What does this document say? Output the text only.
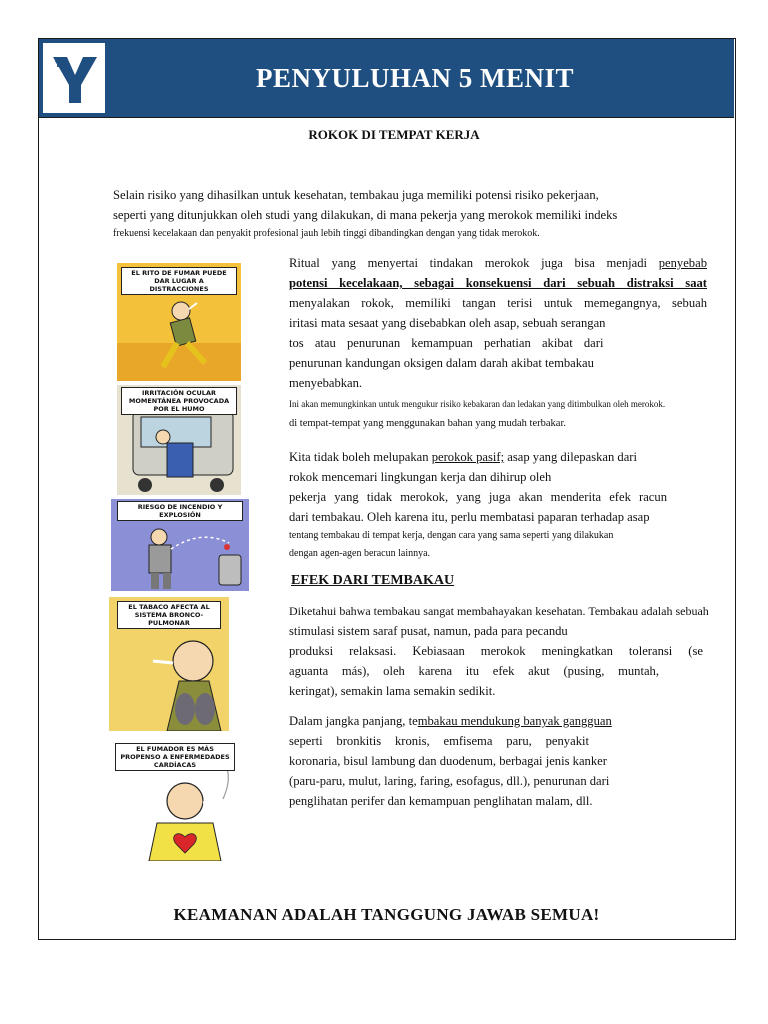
YA	PENYULUHAN 5 MENIT
ROKOK DI TEMPAT KERJA
Selain risiko yang dihasilkan untuk kesehatan, tembakau juga memiliki potensi risiko pekerjaan,
seperti yang ditunjukkan oleh studi yang dilakukan, di mana pekerja yang merokok memiliki indeks
frekuensi kecelakaan dan penyakit profesional jauh lebih tinggi dibandingkan dengan yang tidak merokok.
Ritual yang menyertai tindakan merokok juga bisa menjadi penyebab
potensi kecelakaan, sebagai konsekuensi dari sebuah distraksi saat
menyalakan rokok, memiliki tangan terisi untuk memegangnya, sebuah
iritasi mata sesaat yang disebabkan oleh asap, sebuah serangan
tos atau penurunan kemampuan perhatian akibat dari
penurunan kandungan oksigen dalam darah akibat tembakau
menyebabkan.
Ini akan memungkinkan untuk mengukur risiko kebakaran dan ledakan yang ditimbulkan oleh merokok.
di tempat-tempat yang menggunakan bahan yang mudah terbakar.
Kita tidak boleh melupakan perokok pasif; asap yang dilepaskan dari
rokok mencemari lingkungan kerja dan dihirup oleh
pekerja yang tidak merokok, yang juga akan menderita efek racun
dari tembakau. Oleh karena itu, perlu membatasi paparan terhadap asap
tentang tembakau di tempat kerja, dengan cara yang sama seperti yang dilakukan
dengan agen-agen beracun lainnya.
EFEK DARI TEMBAKAU
Diketahui bahwa tembakau sangat membahayakan kesehatan. Tembakau adalah sebuah
stimulasi sistem saraf pusat, namun, pada para pecandu
produksi relaksasi. Kebiasaan merokok meningkatkan toleransi (se
aguanta más), oleh karena itu efek akut (pusing, muntah,
keringat), semakin lama semakin sedikit.
Dalam jangka panjang, tembakau mendukung banyak gangguan
seperti bronkitis kronis, emfisema paru, penyakit
koronaria, bisul lambung dan duodenum, berbagai jenis kanker
(paru-paru, mulut, laring, faring, esofagus, dll.), penurunan dari
penglihatan perifer dan kemampuan penglihatan malam, dll.
EL RITO DE FUMAR PUEDE DAR LUGAR A DISTRACCIONES
IRRITACIÓN OCULAR MOMENTÁNEA PROVOCADA POR EL HUMO
RIESGO DE INCENDIO Y EXPLOSIÓN
EL TABACO AFECTA AL SISTEMA BRONCO-PULMONAR
EL FUMADOR ES MÁS PROPENSO A ENFERMEDADES CARDÍACAS
KEAMANAN ADALAH TANGGUNG JAWAB SEMUA!
